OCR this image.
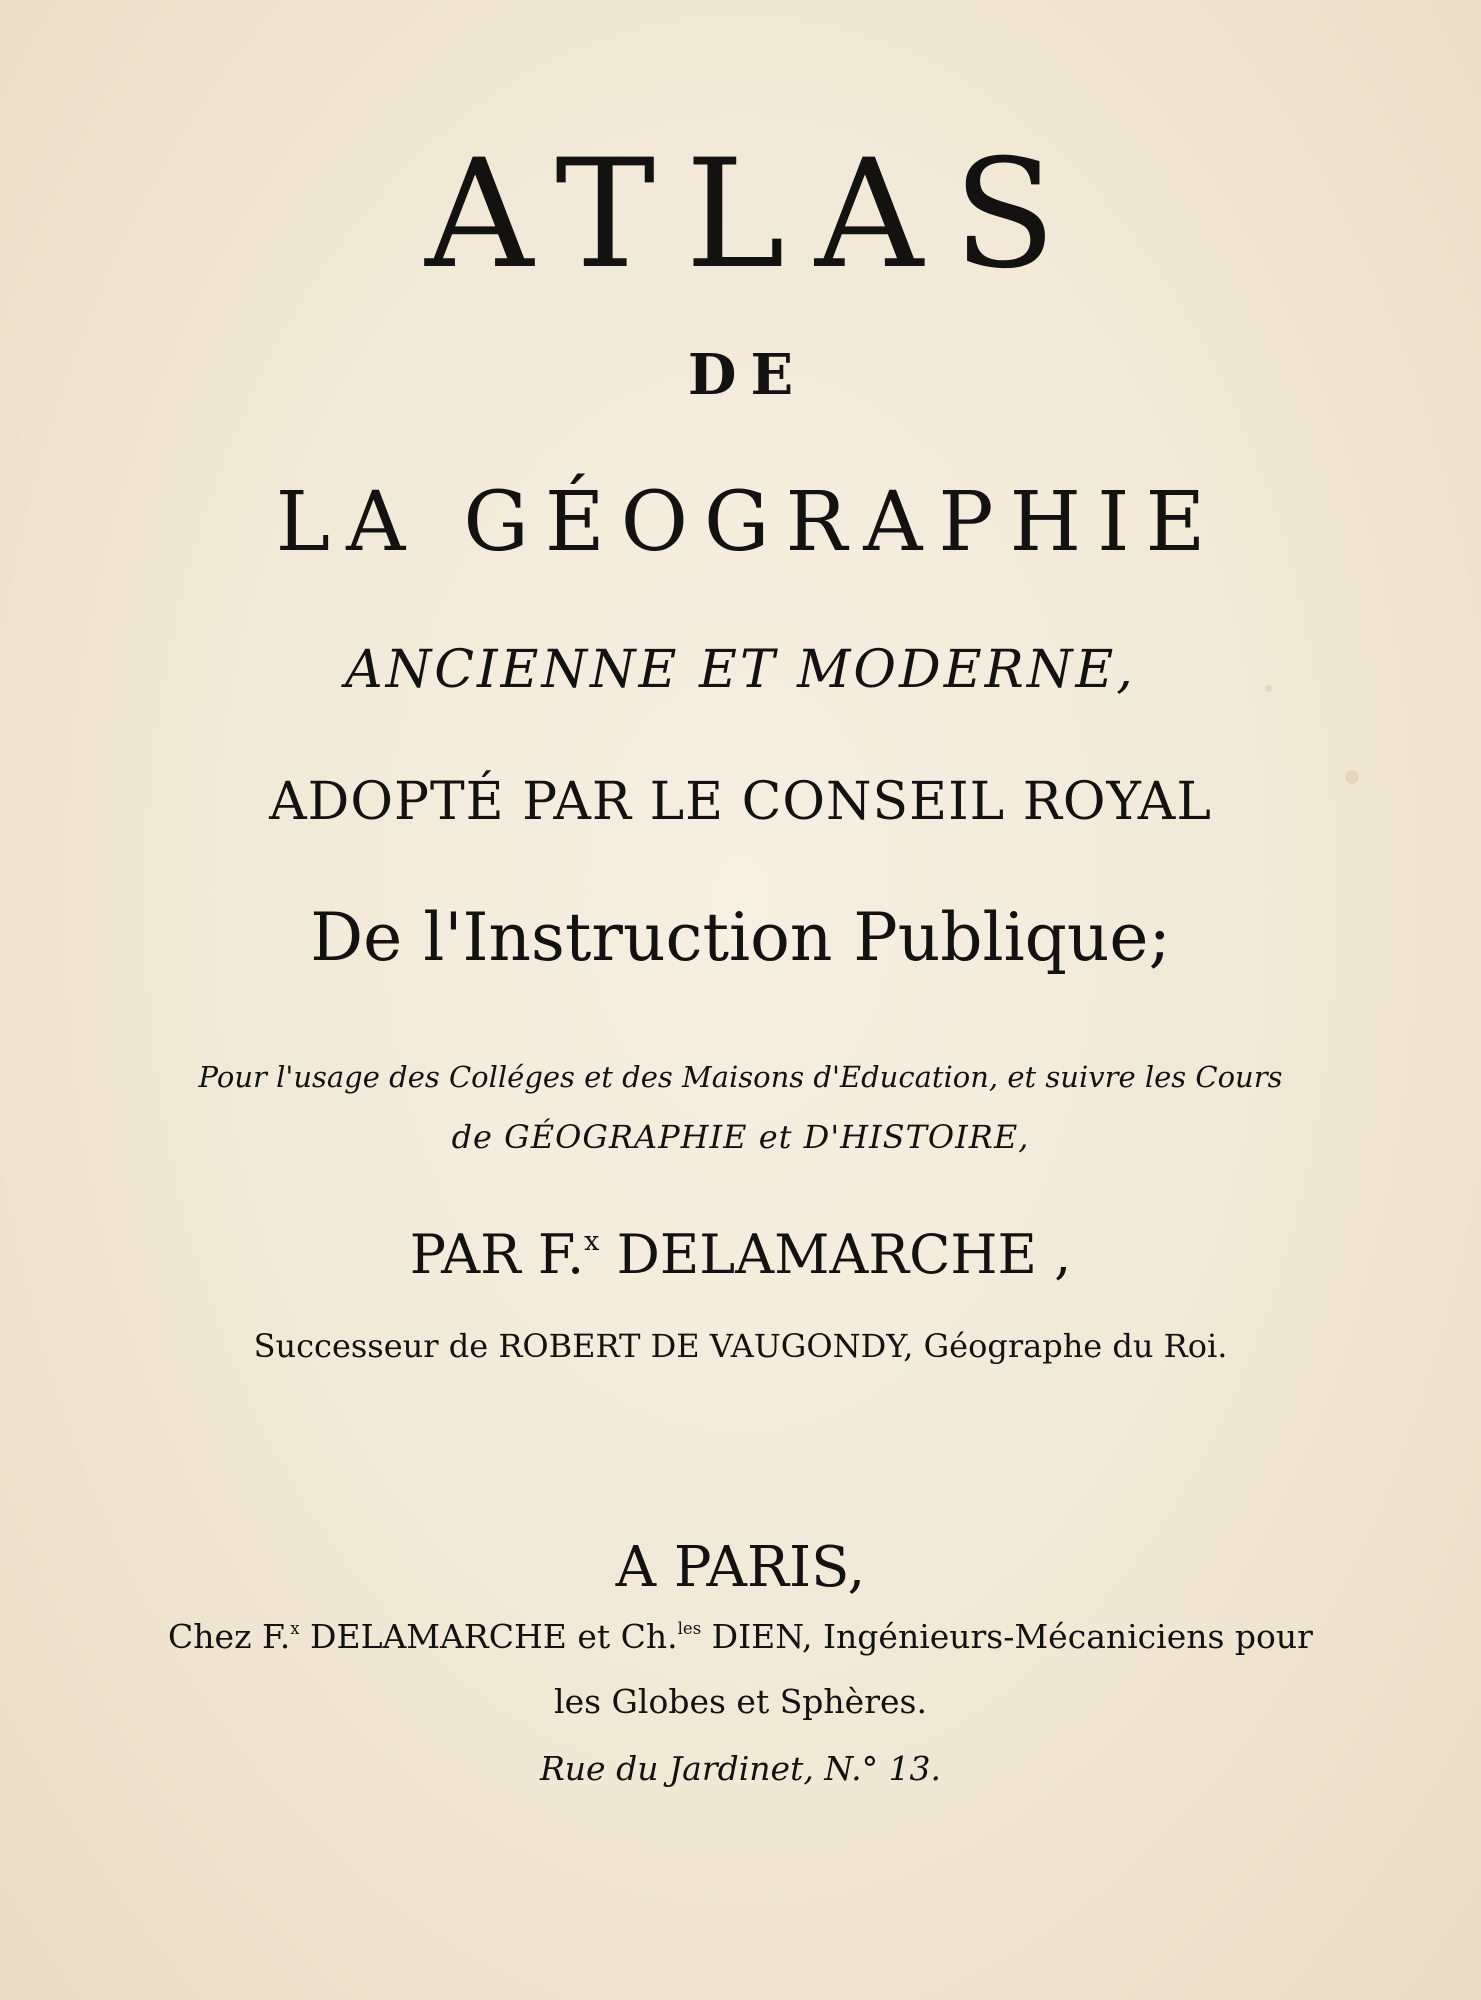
ATLAS
DE
LA GÉOGRAPHIE
ANCIENNE ET MODERNE,
ADOPTÉ PAR LE CONSEIL ROYAL
De l'Instruction Publique;
Pour l'usage des Colléges et des Maisons d'Education, et suivre les Cours
de GÉOGRAPHIE et D'HISTOIRE,
PAR F.$^x$ DELAMARCHE ,
Successeur de ROBERT DE VAUGONDY, Géographe du Roi.
A PARIS,
Chez F.$^x$ DELAMARCHE et Ch.$^{les}$ DIEN, Ingénieurs-Mécaniciens pour
les Globes et Sphères.
Rue du Jardinet, N.° 13.
